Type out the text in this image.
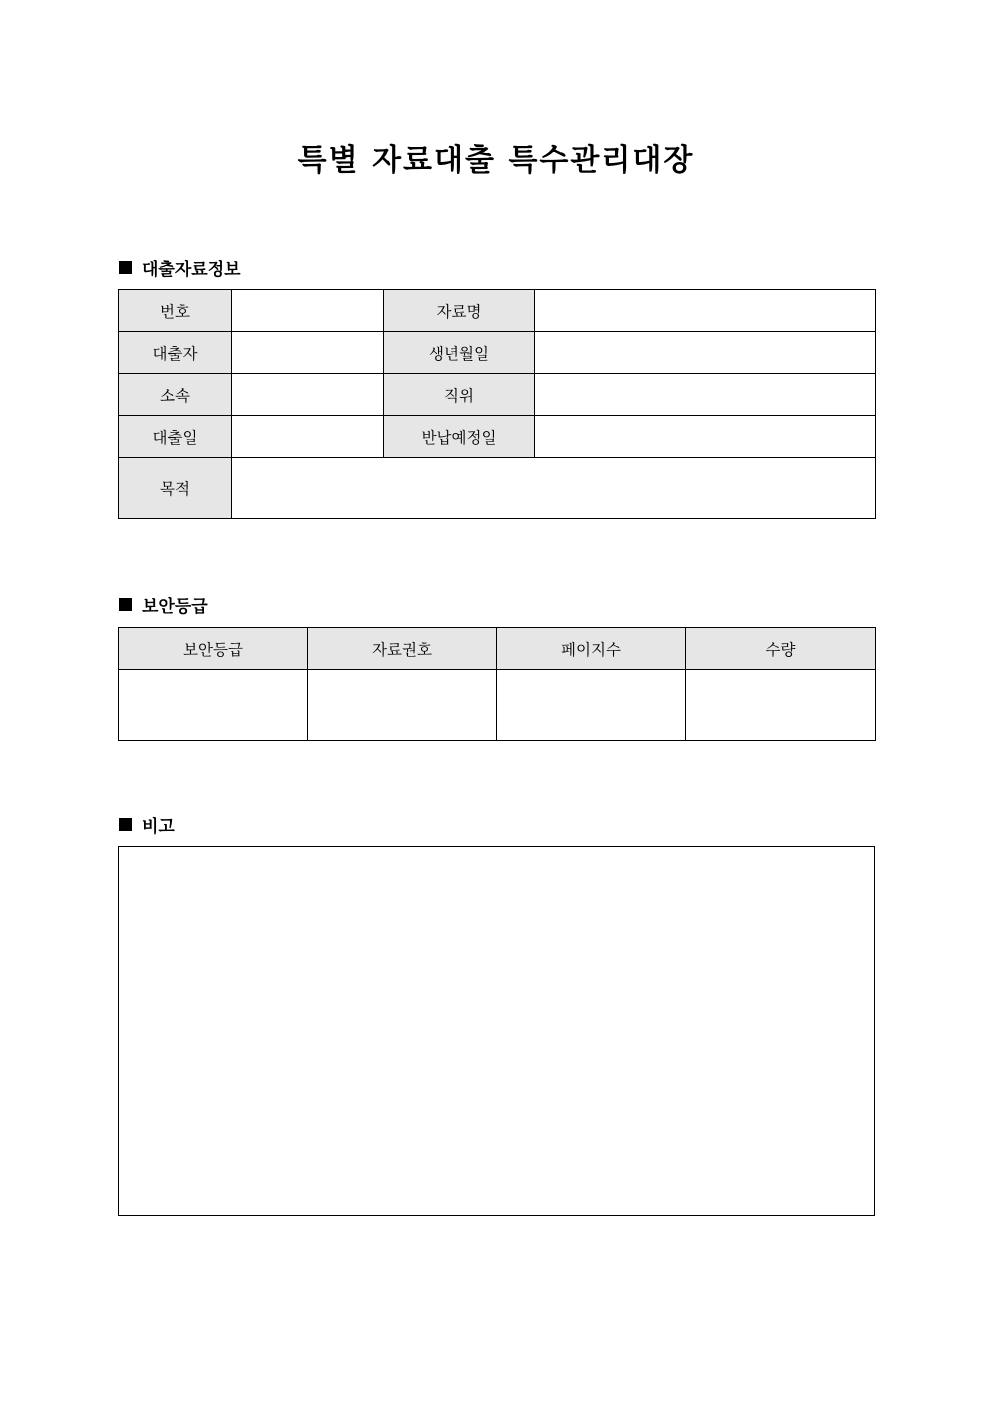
특별 자료대출 특수관리대장
대출자료정보
번호		자료명	
대출자		생년월일	
소속		직위	
대출일		반납예정일	
목적			
보안등급
보안등급	자료권호	페이지수	수량

비고
